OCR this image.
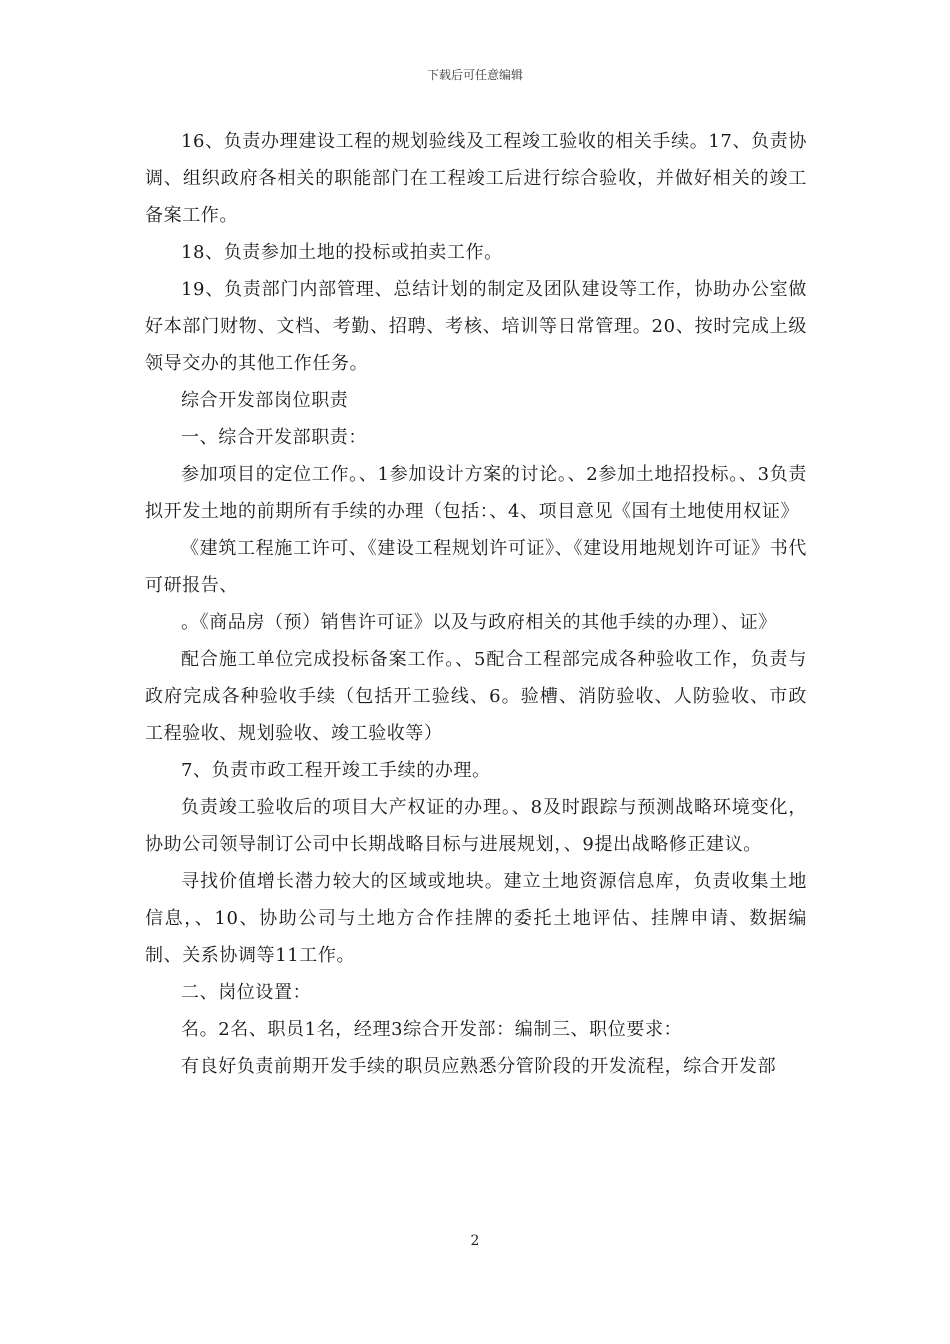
下载后可任意编辑

16、负责办理建设工程的规划验线及工程竣工验收的相关手续。17、负责协调、组织政府各相关的职能部门在工程竣工后进行综合验收，并做好相关的竣工备案工作。

18、负责参加土地的投标或拍卖工作。

19、负责部门内部管理、总结计划的制定及团队建设等工作，协助办公室做好本部门财物、文档、考勤、招聘、考核、培训等日常管理。20、按时完成上级领导交办的其他工作任务。

综合开发部岗位职责

一、综合开发部职责：

参加项目的定位工作。、1参加设计方案的讨论。、2参加土地招投标。、3负责拟开发土地的前期所有手续的办理（包括：、4、项目意见《国有土地使用权证》

《建筑工程施工许可、《建设工程规划许可证》、《建设用地规划许可证》书代可研报告、

。《商品房（预）销售许可证》以及与政府相关的其他手续的办理）、证》

配合施工单位完成投标备案工作。、5配合工程部完成各种验收工作，负责与政府完成各种验收手续（包括开工验线、6。验槽、消防验收、人防验收、市政工程验收、规划验收、竣工验收等）

7、负责市政工程开竣工手续的办理。

负责竣工验收后的项目大产权证的办理。、8及时跟踪与预测战略环境变化，协助公司领导制订公司中长期战略目标与进展规划，、9提出战略修正建议。

寻找价值增长潜力较大的区域或地块。建立土地资源信息库，负责收集土地信息，、10、协助公司与土地方合作挂牌的委托土地评估、挂牌申请、数据编制、关系协调等11工作。

二、岗位设置：

名。2名、职员1名，经理3综合开发部：编制三、职位要求：

有良好负责前期开发手续的职员应熟悉分管阶段的开发流程，综合开发部

2
